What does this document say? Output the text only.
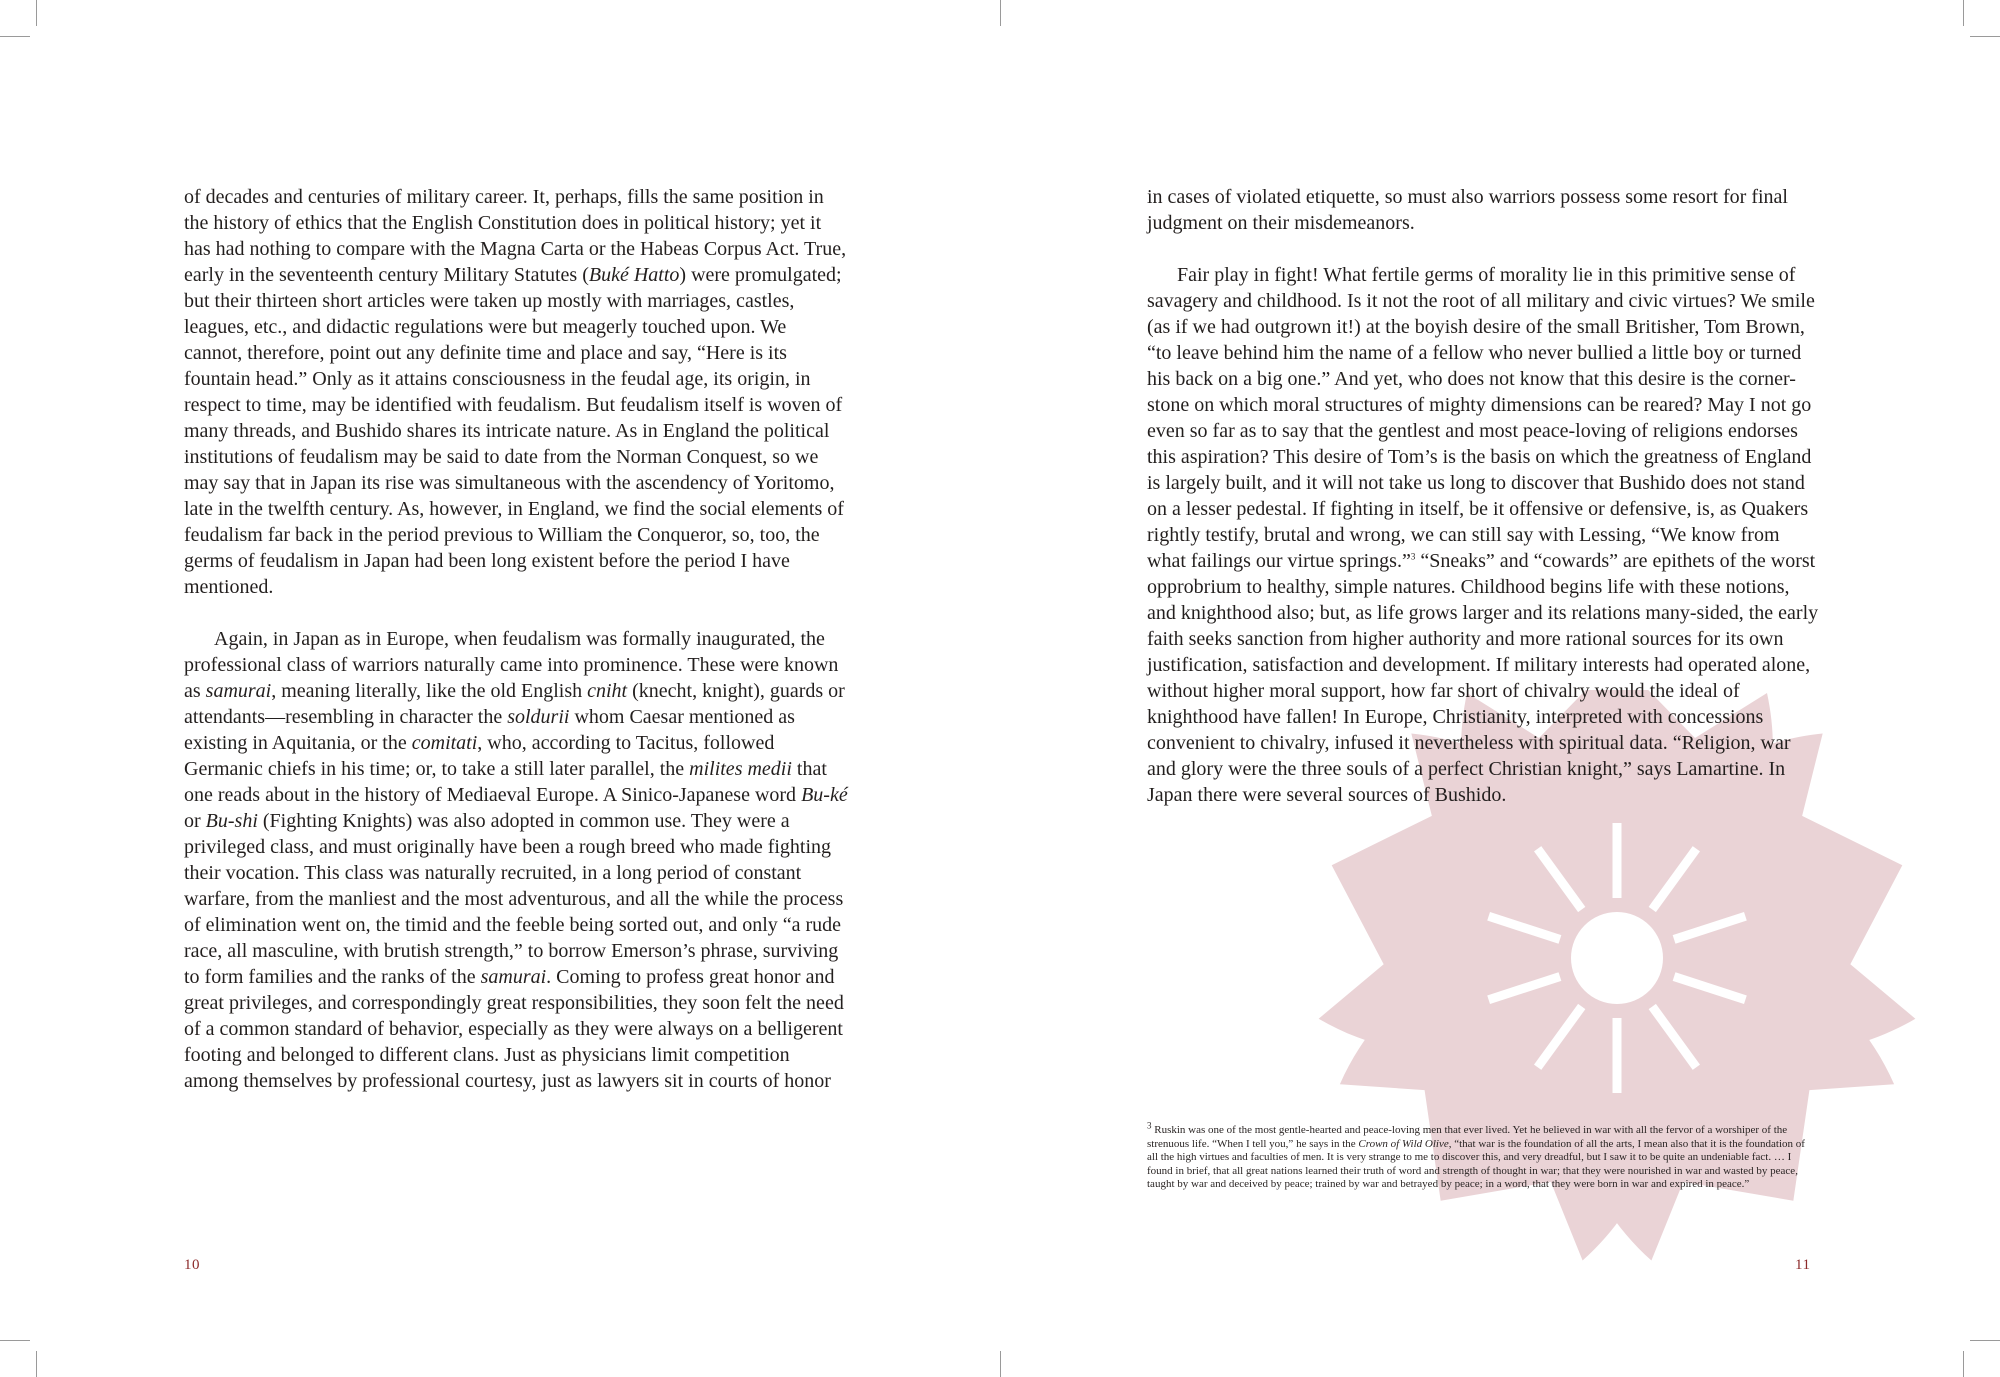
of decades and centuries of military career. It, perhaps, fills the same position in the history of ethics that the English Constitution does in political history; yet it has had nothing to compare with the Magna Carta or the Habeas Corpus Act. True, early in the seventeenth century Military Statutes (Buké Hatto) were promulgated; but their thirteen short articles were taken up mostly with marriages, castles, leagues, etc., and didactic regulations were but meagerly touched upon. We cannot, therefore, point out any definite time and place and say, “Here is its fountain head.” Only as it attains consciousness in the feudal age, its origin, in respect to time, may be identified with feudalism. But feudalism itself is woven of many threads, and Bushido shares its intricate nature. As in England the political institutions of feudalism may be said to date from the Norman Conquest, so we may say that in Japan its rise was simultaneous with the ascendency of Yoritomo, late in the twelfth century. As, however, in England, we find the social elements of feudalism far back in the period previous to William the Conqueror, so, too, the germs of feudalism in Japan had been long existent before the period I have mentioned.

Again, in Japan as in Europe, when feudalism was formally inaugurated, the professional class of warriors naturally came into prominence. These were known as samurai, meaning literally, like the old English cniht (knecht, knight), guards or attendants—resembling in character the soldurii whom Caesar mentioned as existing in Aquitania, or the comitati, who, according to Tacitus, followed Germanic chiefs in his time; or, to take a still later parallel, the milites medii that one reads about in the history of Mediaeval Europe. A Sinico-Japanese word Bu-ké or Bu-shi (Fighting Knights) was also adopted in common use. They were a privileged class, and must originally have been a rough breed who made fighting their vocation. This class was naturally recruited, in a long period of constant warfare, from the manliest and the most adventurous, and all the while the process of elimination went on, the timid and the feeble being sorted out, and only “a rude race, all masculine, with brutish strength,” to borrow Emerson’s phrase, surviving to form families and the ranks of the samurai. Coming to profess great honor and great privileges, and correspondingly great responsibilities, they soon felt the need of a common standard of behavior, especially as they were always on a belligerent footing and belonged to different clans. Just as physicians limit competition among themselves by professional courtesy, just as lawyers sit in courts of honor

in cases of violated etiquette, so must also warriors possess some resort for final judgment on their misdemeanors.

Fair play in fight! What fertile germs of morality lie in this primitive sense of savagery and childhood. Is it not the root of all military and civic virtues? We smile (as if we had outgrown it!) at the boyish desire of the small Britisher, Tom Brown, “to leave behind him the name of a fellow who never bullied a little boy or turned his back on a big one.” And yet, who does not know that this desire is the corner-stone on which moral structures of mighty dimensions can be reared? May I not go even so far as to say that the gentlest and most peace-loving of religions endorses this aspiration? This desire of Tom’s is the basis on which the greatness of England is largely built, and it will not take us long to discover that Bushido does not stand on a lesser pedestal. If fighting in itself, be it offensive or defensive, is, as Quakers rightly testify, brutal and wrong, we can still say with Lessing, “We know from what failings our virtue springs.”$^3$ “Sneaks” and “cowards” are epithets of the worst opprobrium to healthy, simple natures. Childhood begins life with these notions, and knighthood also; but, as life grows larger and its relations many-sided, the early faith seeks sanction from higher authority and more rational sources for its own justification, satisfaction and development. If military interests had operated alone, without higher moral support, how far short of chivalry would the ideal of knighthood have fallen! In Europe, Christianity, interpreted with concessions convenient to chivalry, infused it nevertheless with spiritual data. “Religion, war and glory were the three souls of a perfect Christian knight,” says Lamartine. In Japan there were several sources of Bushido.

$^3$ Ruskin was one of the most gentle-hearted and peace-loving men that ever lived. Yet he believed in war with all the fervor of a worshiper of the strenuous life. “When I tell you,” he says in the Crown of Wild Olive, “that war is the foundation of all the arts, I mean also that it is the foundation of all the high virtues and faculties of men. It is very strange to me to discover this, and very dreadful, but I saw it to be quite an undeniable fact. … I found in brief, that all great nations learned their truth of word and strength of thought in war; that they were nourished in war and wasted by peace, taught by war and deceived by peace; trained by war and betrayed by peace; in a word, that they were born in war and expired in peace.”
10	11
